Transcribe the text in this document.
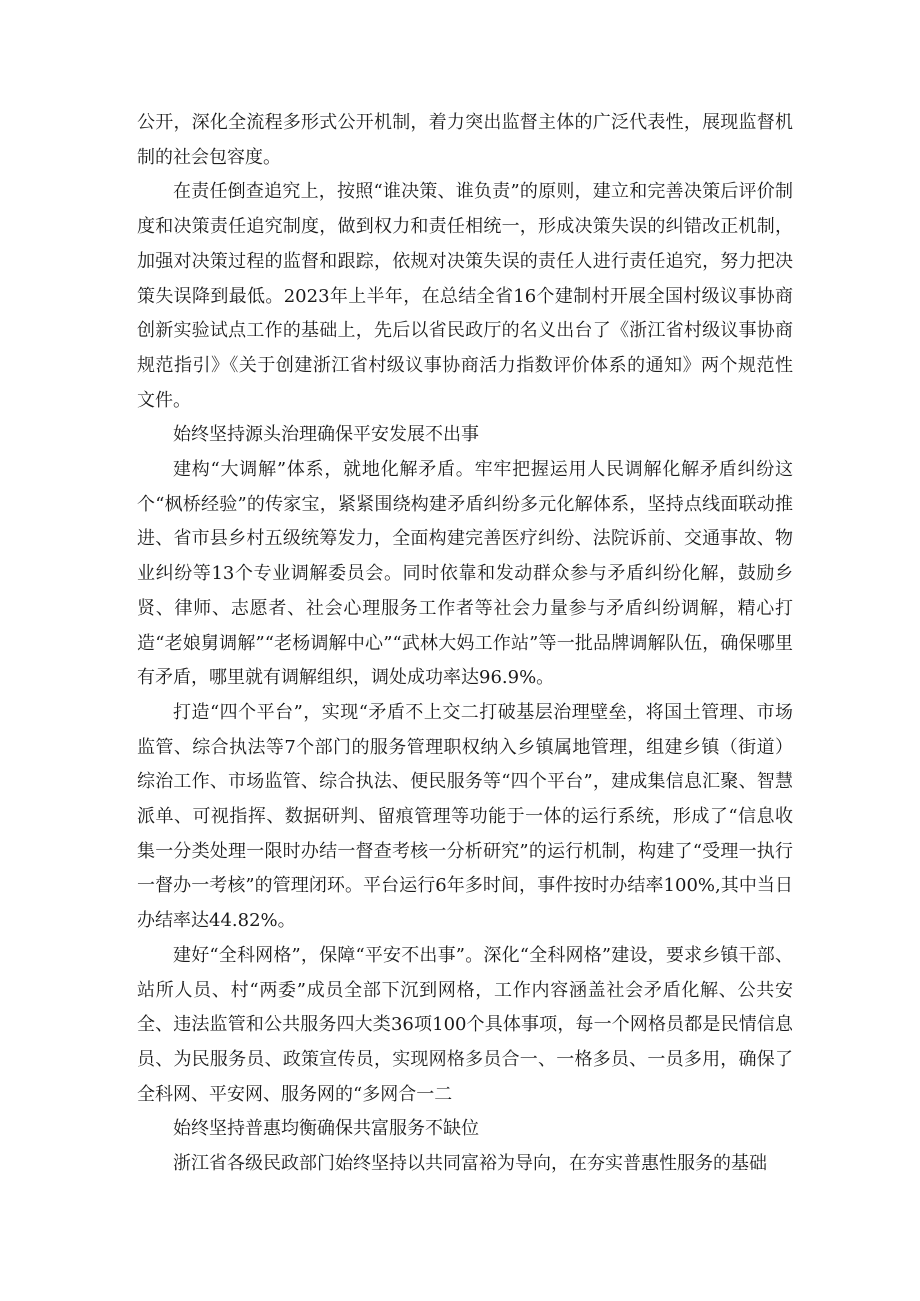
公开，深化全流程多形式公开机制，着力突出监督主体的广泛代表性，展现监督机制的社会包容度。

在责任倒查追究上，按照“谁决策、谁负责”的原则，建立和完善决策后评价制度和决策责任追究制度，做到权力和责任相统一，形成决策失误的纠错改正机制，加强对决策过程的监督和跟踪，依规对决策失误的责任人进行责任追究，努力把决策失误降到最低。2023年上半年，在总结全省16个建制村开展全国村级议事协商创新实验试点工作的基础上，先后以省民政厅的名义出台了《浙江省村级议事协商规范指引》《关于创建浙江省村级议事协商活力指数评价体系的通知》两个规范性文件。

始终坚持源头治理确保平安发展不出事

建构“大调解”体系，就地化解矛盾。牢牢把握运用人民调解化解矛盾纠纷这个“枫桥经验”的传家宝，紧紧围绕构建矛盾纠纷多元化解体系，坚持点线面联动推进、省市县乡村五级统筹发力，全面构建完善医疗纠纷、法院诉前、交通事故、物业纠纷等13个专业调解委员会。同时依靠和发动群众参与矛盾纠纷化解，鼓励乡贤、律师、志愿者、社会心理服务工作者等社会力量参与矛盾纠纷调解，精心打造“老娘舅调解”“老杨调解中心”“武林大妈工作站”等一批品牌调解队伍，确保哪里有矛盾，哪里就有调解组织，调处成功率达96.9%。

打造“四个平台”，实现“矛盾不上交二打破基层治理壁垒，将国土管理、市场监管、综合执法等7个部门的服务管理职权纳入乡镇属地管理，组建乡镇（街道）综治工作、市场监管、综合执法、便民服务等“四个平台”，建成集信息汇聚、智慧派单、可视指挥、数据研判、留痕管理等功能于一体的运行系统，形成了“信息收集一分类处理一限时办结一督查考核一分析研究”的运行机制，构建了“受理一执行一督办一考核”的管理闭环。平台运行6年多时间，事件按时办结率100%,其中当日办结率达44.82%。

建好“全科网格”，保障“平安不出事”。深化“全科网格”建设，要求乡镇干部、站所人员、村“两委”成员全部下沉到网格，工作内容涵盖社会矛盾化解、公共安全、违法监管和公共服务四大类36项100个具体事项，每一个网格员都是民情信息员、为民服务员、政策宣传员，实现网格多员合一、一格多员、一员多用，确保了全科网、平安网、服务网的“多网合一二

始终坚持普惠均衡确保共富服务不缺位

浙江省各级民政部门始终坚持以共同富裕为导向，在夯实普惠性服务的基础
